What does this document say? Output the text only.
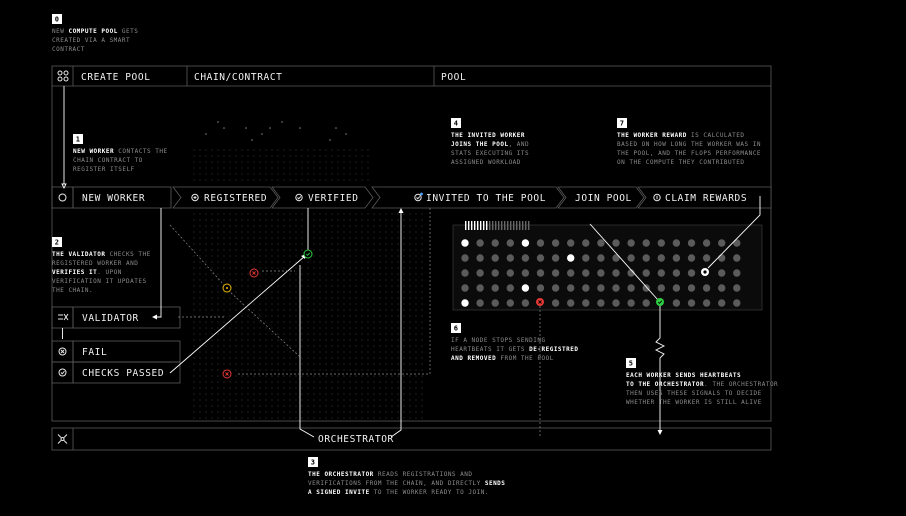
CREATE POOL	CHAIN/CONTRACT	POOL
NEW WORKER	REGISTERED	VERIFIED	INVITED TO THE POOL	JOIN POOL	CLAIM REWARDS
VALIDATOR
FAIL
CHECKS PASSED
ORCHESTRATOR
0
NEW COMPUTE POOL GETS
CREATED VIA A SMART
CONTRACT
1
NEW WORKER CONTACTS THE
CHAIN CONTRACT TO
REGISTER ITSELF
2
THE VALIDATOR CHECKS THE
REGISTERED WORKER AND
VERIFIES IT. UPON
VERIFICATION IT UPDATES
THE CHAIN.
3
THE ORCHESTRATOR READS REGISTRATIONS AND
VERIFICATIONS FROM THE CHAIN, AND DIRECTLY SENDS
A SIGNED INVITE TO THE WORKER READY TO JOIN.
4
THE INVITED WORKER
JOINS THE POOL, AND
STATS EXECUTING ITS
ASSIGNED WORKLOAD
5
EACH WORKER SENDS HEARTBEATS
TO THE ORCHESTRATOR. THE ORCHESTRATOR
THEN USES THESE SIGNALS TO DECIDE
WHETHER THE WORKER IS STILL ALIVE
6
IF A NODE STOPS SENDING
HEARTBEATS IT GETS DE-REGISTRED
AND REMOVED FROM THE POOL
7
THE WORKER REWARD IS CALCULATED
BASED ON HOW LONG THE WORKER WAS IN
THE POOL, AND THE FLOPS PERFORMANCE
ON THE COMPUTE THEY CONTRIBUTED
